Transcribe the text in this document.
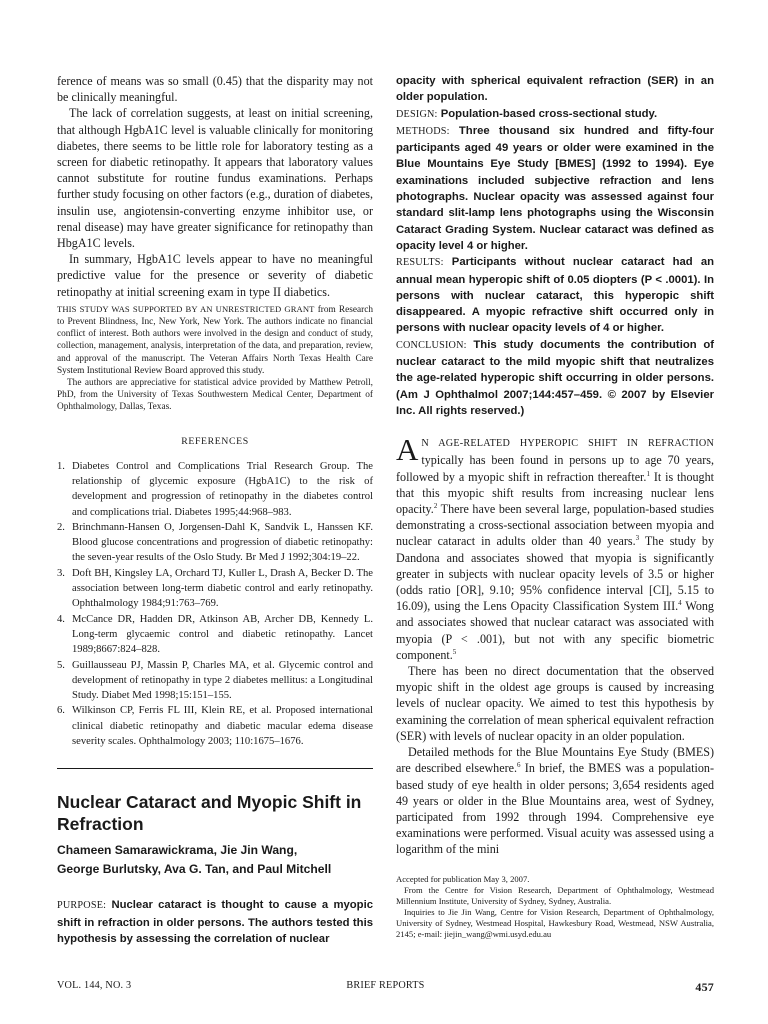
ference of means was so small (0.45) that the disparity may not be clinically meaningful.

The lack of correlation suggests, at least on initial screening, that although HgbA1C level is valuable clinically for monitoring diabetes, there seems to be little role for laboratory testing as a screen for diabetic retinopathy. It appears that laboratory values cannot substitute for routine fundus examinations. Perhaps further study focusing on other factors (e.g., duration of diabetes, insulin use, angiotensin-converting enzyme inhibitor use, or renal disease) may have greater significance for retinopathy than HbgA1C levels.

In summary, HgbA1C levels appear to have no meaningful predictive value for the presence or severity of diabetic retinopathy at initial screening exam in type II diabetics.

THIS STUDY WAS SUPPORTED BY AN UNRESTRICTED GRANT from Research to Prevent Blindness, Inc, New York, New York. The authors indicate no financial conflict of interest. Both authors were involved in the design and conduct of study, collection, management, analysis, interpretation of the data, and preparation, review, and approval of the manuscript. The Veteran Affairs North Texas Health Care System Institutional Review Board approved this study.

The authors are appreciative for statistical advice provided by Matthew Petroll, PhD, from the University of Texas Southwestern Medical Center, Department of Ophthalmology, Dallas, Texas.

REFERENCES
1. Diabetes Control and Complications Trial Research Group. The relationship of glycemic exposure (HgbA1C) to the risk of development and progression of retinopathy in the diabetes control and complications trial. Diabetes 1995;44:968–983.
2. Brinchmann-Hansen O, Jorgensen-Dahl K, Sandvik L, Hanssen KF. Blood glucose concentrations and progression of diabetic retinopathy: the seven-year results of the Oslo Study. Br Med J 1992;304:19–22.
3. Doft BH, Kingsley LA, Orchard TJ, Kuller L, Drash A, Becker D. The association between long-term diabetic control and early retinopathy. Ophthalmology 1984;91:763–769.
4. McCance DR, Hadden DR, Atkinson AB, Archer DB, Kennedy L. Long-term glycaemic control and diabetic retinopathy. Lancet 1989;8667:824–828.
5. Guillausseau PJ, Massin P, Charles MA, et al. Glycemic control and development of retinopathy in type 2 diabetes mellitus: a Longitudinal Study. Diabet Med 1998;15:151–155.
6. Wilkinson CP, Ferris FL III, Klein RE, et al. Proposed international clinical diabetic retinopathy and diabetic macular edema disease severity scales. Ophthalmology 2003; 110:1675–1676.
Nuclear Cataract and Myopic Shift in Refraction
Chameen Samarawickrama, Jie Jin Wang,
George Burlutsky, Ava G. Tan, and Paul Mitchell

PURPOSE: Nuclear cataract is thought to cause a myopic shift in refraction in older persons. The authors tested this hypothesis by assessing the correlation of nuclear

opacity with spherical equivalent refraction (SER) in an older population.

DESIGN: Population-based cross-sectional study.

METHODS: Three thousand six hundred and fifty-four participants aged 49 years or older were examined in the Blue Mountains Eye Study [BMES] (1992 to 1994). Eye examinations included subjective refraction and lens photographs. Nuclear opacity was assessed against four standard slit-lamp lens photographs using the Wisconsin Cataract Grading System. Nuclear cataract was defined as opacity level 4 or higher.

RESULTS: Participants without nuclear cataract had an annual mean hyperopic shift of 0.05 diopters (P < .0001). In persons with nuclear cataract, this hyperopic shift disappeared. A myopic refractive shift occurred only in persons with nuclear opacity levels of 4 or higher.

CONCLUSION: This study documents the contribution of nuclear cataract to the mild myopic shift that neutralizes the age-related hyperopic shift occurring in older persons. (Am J Ophthalmol 2007;144:457–459. © 2007 by Elsevier Inc. All rights reserved.)

A N AGE-RELATED HYPEROPIC SHIFT IN REFRACTION typically has been found in persons up to age 70 years, followed by a myopic shift in refraction thereafter.$^1$ It is thought that this myopic shift results from increasing nuclear lens opacity.$^2$ There have been several large, population-based studies demonstrating a cross-sectional association between myopia and nuclear cataract in adults older than 40 years.$^3$ The study by Dandona and associates showed that myopia is significantly greater in subjects with nuclear opacity levels of 3.5 or higher (odds ratio [OR], 9.10; 95% confidence interval [CI], 5.15 to 16.09), using the Lens Opacity Classification System III.$^4$ Wong and associates showed that nuclear cataract was associated with myopia (P < .001), but not with any specific biometric component.$^5$

There has been no direct documentation that the observed myopic shift in the oldest age groups is caused by increasing levels of nuclear opacity. We aimed to test this hypothesis by examining the correlation of mean spherical equivalent refraction (SER) with levels of nuclear opacity in an older population.

Detailed methods for the Blue Mountains Eye Study (BMES) are described elsewhere.$^6$ In brief, the BMES was a population-based study of eye health in older persons; 3,654 residents aged 49 years or older in the Blue Mountains area, west of Sydney, participated from 1992 through 1994. Comprehensive eye examinations were performed. Visual acuity was assessed using a logarithm of the mini

Accepted for publication May 3, 2007.

From the Centre for Vision Research, Department of Ophthalmology, Westmead Millennium Institute, University of Sydney, Sydney, Australia.

Inquiries to Jie Jin Wang, Centre for Vision Research, Department of Ophthalmology, University of Sydney, Westmead Hospital, Hawkesbury Road, Westmead, NSW Australia, 2145; e-mail: jiejin_wang@wmi.usyd.edu.au

VOL. 144, NO. 3	BRIEF REPORTS	457
